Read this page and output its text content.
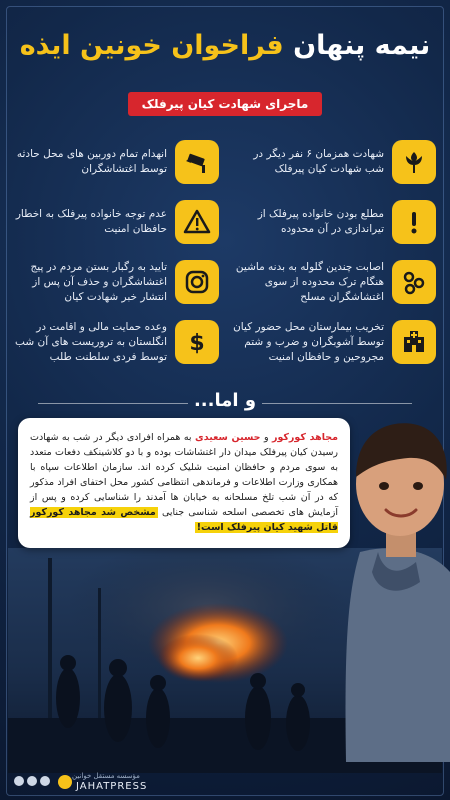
نیمه پنهان فراخوان خونین ایذه
ماجرای شهادت کیان پیرفلک
شهادت همزمان ۶ نفر دیگر در شب شهادت کیان پیرفلک
مطلع بودن خانواده پیرفلک از تیراندازی در آن محدوده
اصابت چندین گلوله به بدنه ماشین هنگام ترک محدوده از سوی اغتشاشگران مسلح
تخریب بیمارستان محل حضور کیان توسط آشوبگران و ضرب و شتم مجروحین و حافظان امنیت
انهدام تمام دوربین های محل حادثه توسط اغتشاشگران
عدم توجه خانواده پیرفلک به اخطار حافظان امنیت
تایید به رگبار بستن مردم در پیج اغتشاشگران و حذف آن پس از انتشار خبر شهادت کیان
$
وعده حمایت مالی و اقامت در انگلستان به تروریست های آن شب توسط فردی سلطنت طلب
و اما...
مجاهد کورکور و حسین سعیدی به همراه افرادی دیگر در شب به شهادت رسیدن کیان پیرفلک میدان دار اغتشاشات بوده و با دو کلاشینکف دفعات متعدد به سوی مردم و حافظان امنیت شلیک کرده اند. سازمان اطلاعات سپاه با همکاری وزارت اطلاعات و فرماندهی انتظامی کشور محل اختفای افراد مذکور که در آن شب تلخ مسلحانه به خیابان ها آمدند را شناسایی کرده و پس از آزمایش های تخصصی اسلحه شناسی جنایی مشخص شد مجاهد کورکور قاتل شهید کیان پیرفلک است!
مؤسسه مستقل خوانین
JAHATPRESS
